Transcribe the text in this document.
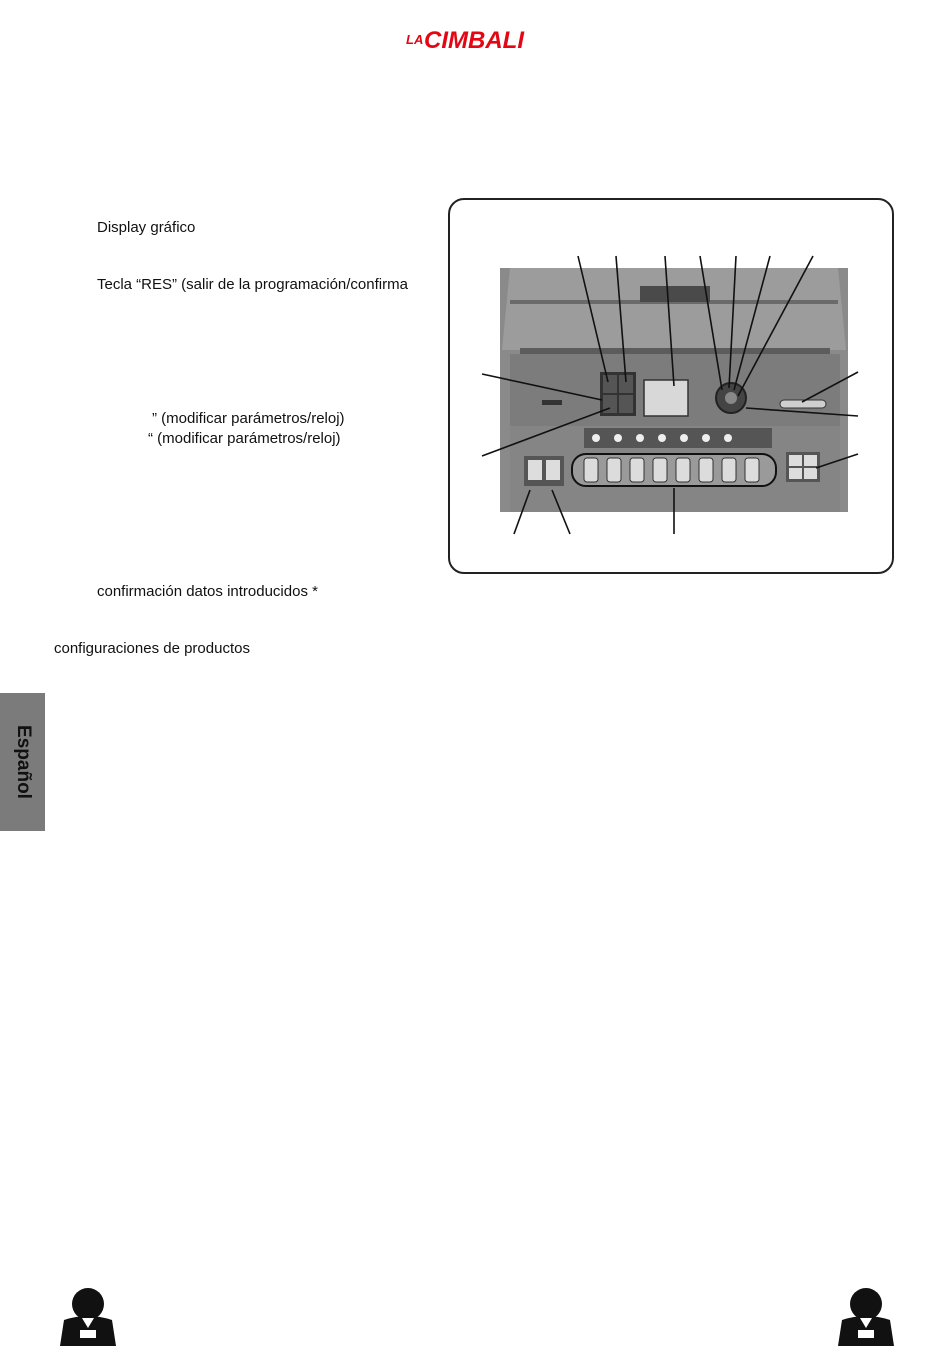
LA CIMBALI
Display gráfico
Tecla “RES” (salir de la programación/confirma
” (modificar parámetros/reloj)
“ (modificar parámetros/reloj)
confirmación datos introducidos *
configuraciones de productos
Español
